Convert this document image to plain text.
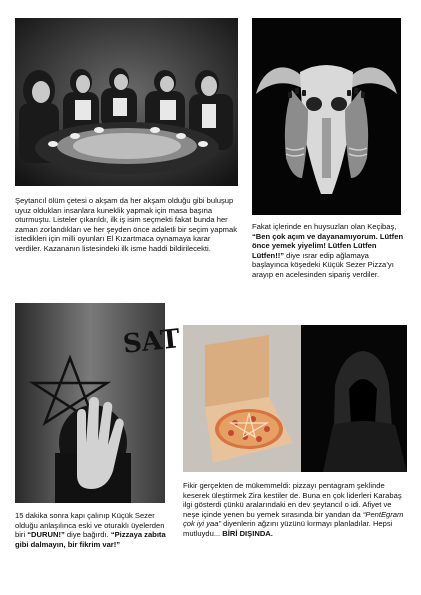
Şeytancıl ölüm çetesi o akşam da her akşam olduğu gibi buluşup uyuz oldukları insanlara kuneklik yapmak için masa başına oturmuştu. Listeler çıkarıldı, ilk iş isim seçmekti fakat bunda her zaman zorlandıkları ve her şeyden önce adaletli bir seçim yapmak istedikleri için milli oyunları El Kızartmaca oynamaya karar verdiler. Kazananın listesindeki ilk isme haddi bildirilecekti.

Fakat içlerinde en huysuzları olan Keçibaş, “Ben çok açım ve dayanamıyorum. Lütfen önce yemek yiyelim! Lütfen Lütfen Lütfen!!” diye ısrar edip ağlamaya başlayınca köşedeki Küçük Sezer Pizza’yı arayıp en acelesinden sipariş verdiler.

SAT

15 dakika sonra kapı çalınıp Küçük Sezer olduğu anlaşılınca eski ve oturaklı üyelerden biri “DURUN!” diye bağırdı. “Pizzaya zabıta gibi dalmayın, bir fikrim var!”

Fikir gerçekten de mükemmeldi: pizzayı pentagram şeklinde keserek üleştirmek Zira kestiler de. Buna en çok liderleri Karabaş ilgi gösterdi çünkü aralarındaki en dev şeytancıl o idi. Afiyet ve neşe içinde yenen bu yemek sırasında bir yandan da “PentEgram çok iyi yaa” diyenlerin ağzını yüzünü kırmayı planladılar. Hepsi mutluydu... BİRİ DIŞINDA.
